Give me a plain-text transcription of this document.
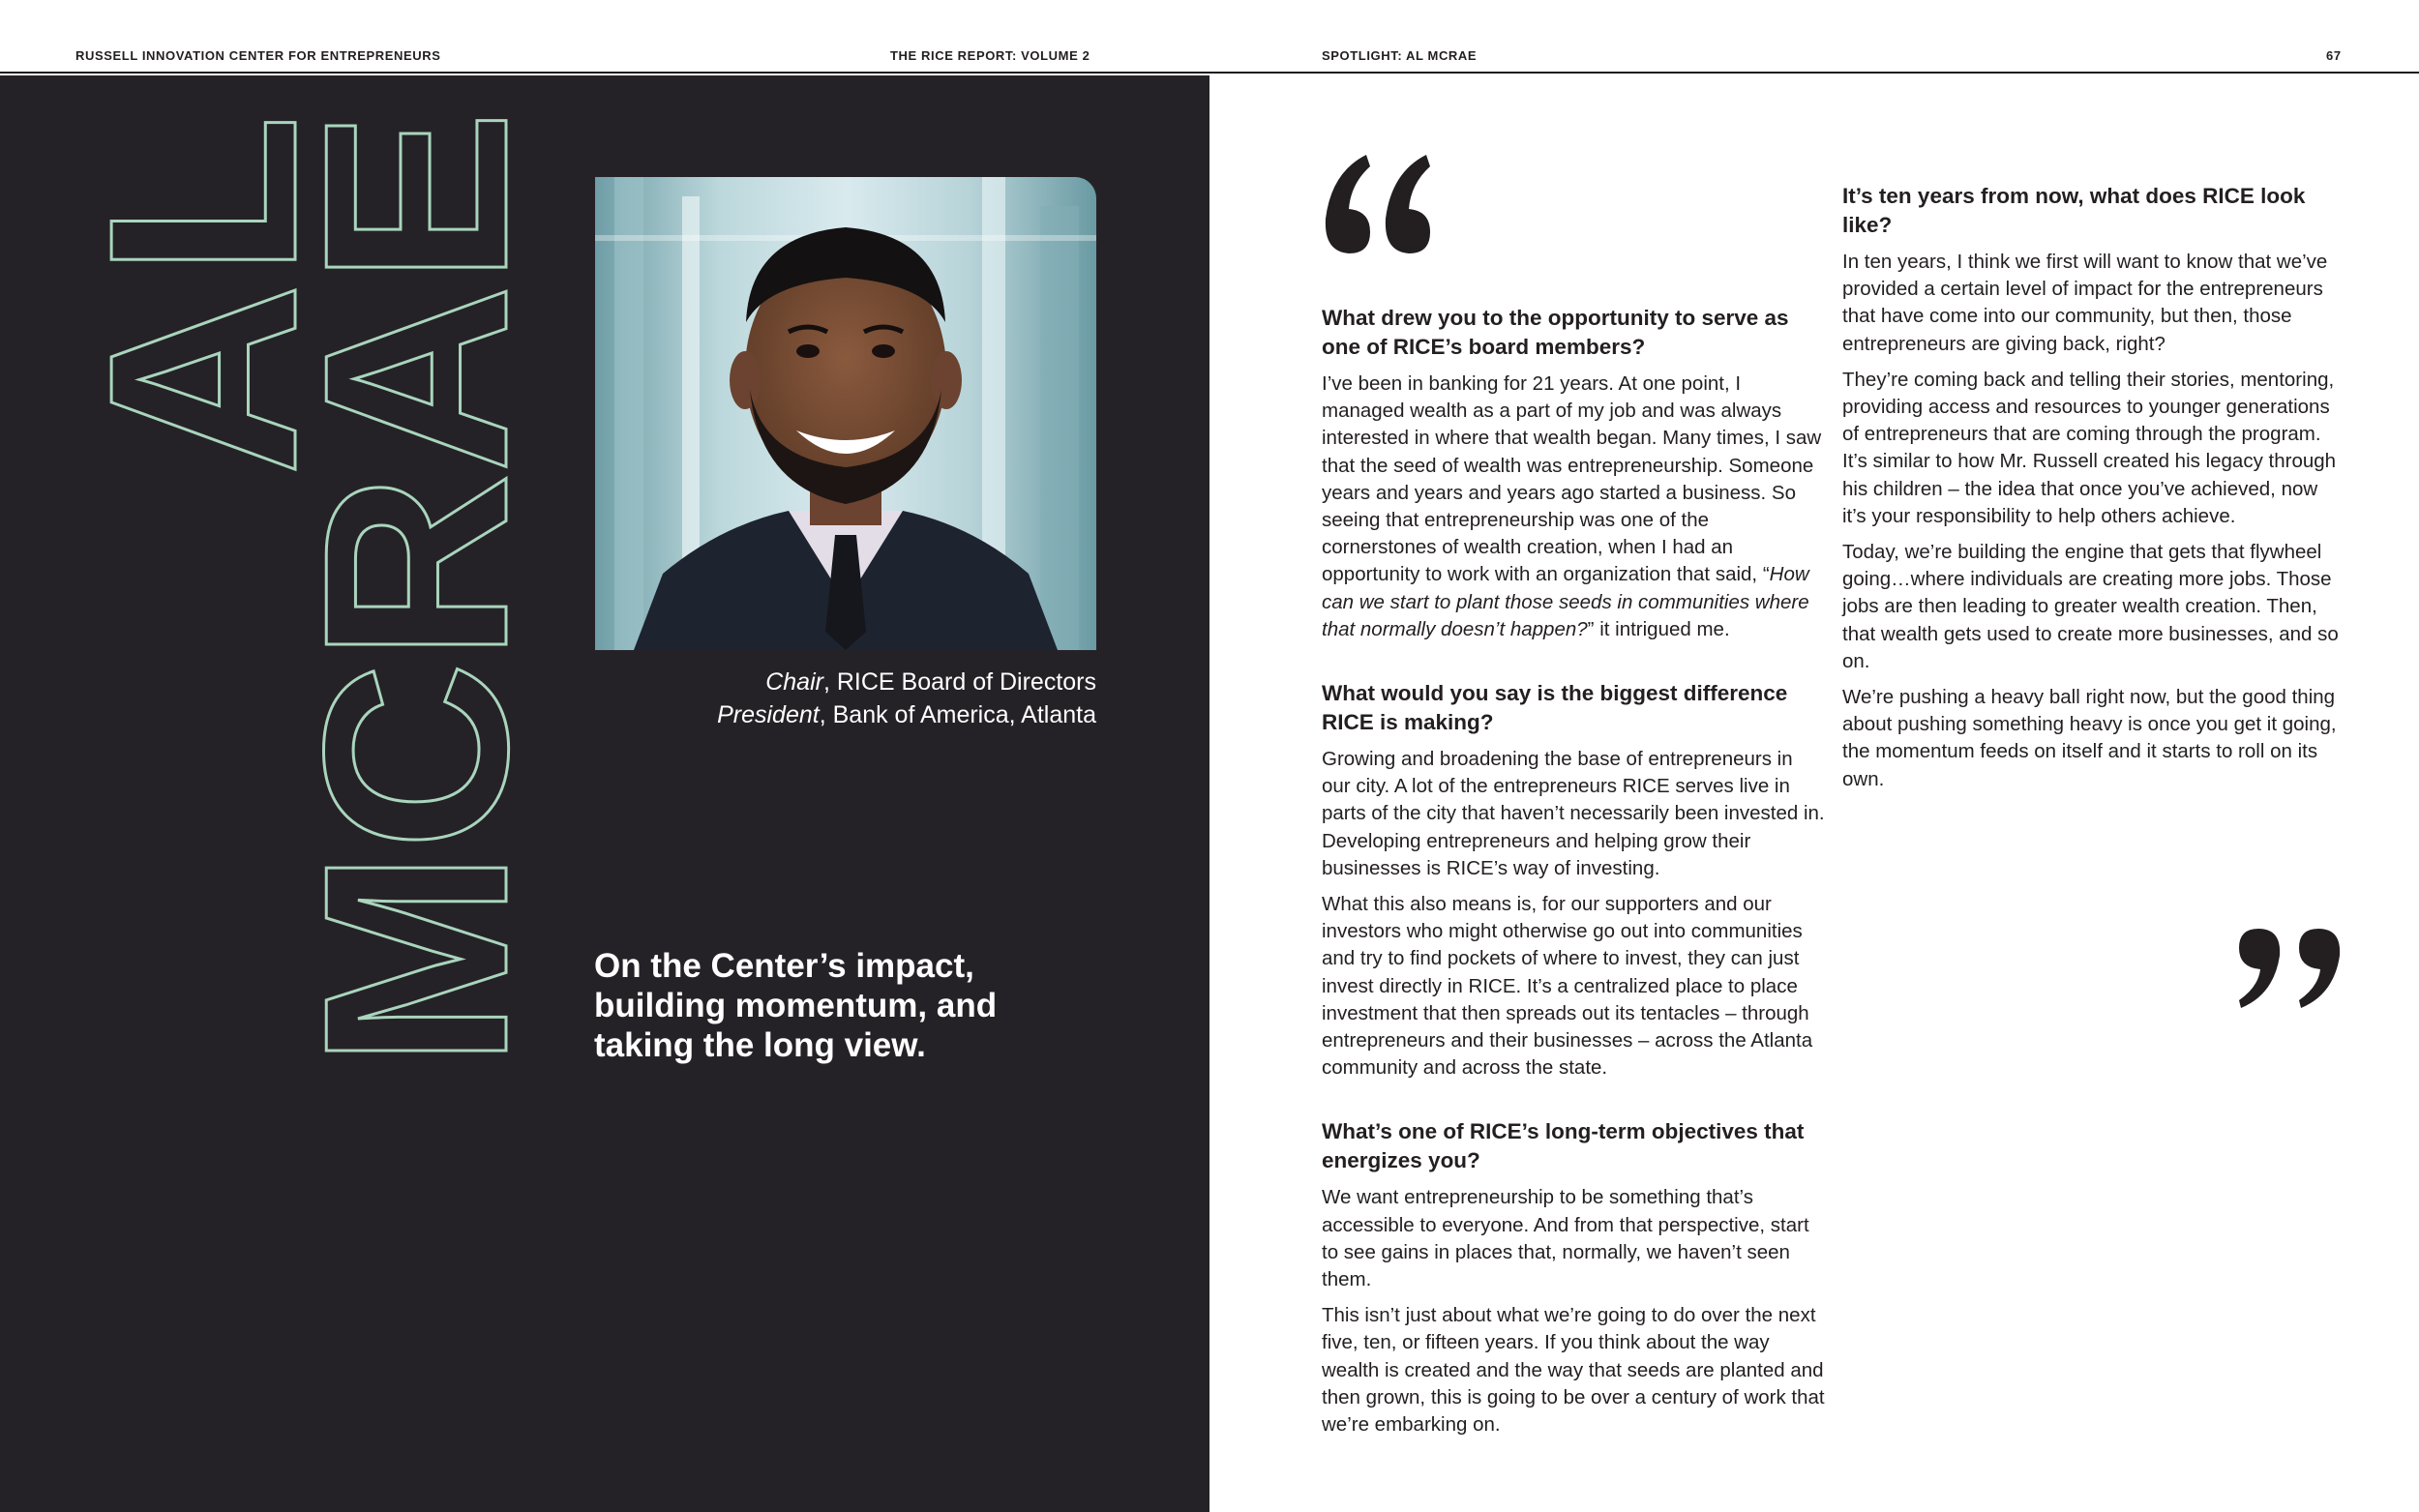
RUSSELL INNOVATION CENTER FOR ENTREPRENEURS	THE RICE REPORT: VOLUME 2	SPOTLIGHT: AL MCRAE	67
AL
MCRAE	Chair, RICE Board of Directors
President, Bank of America, Atlanta
On the Center’s impact,
building momentum, and
taking the long view.
What drew you to the opportunity to serve as one of RICE’s board members?
I’ve been in banking for 21 years. At one point, I managed wealth as a part of my job and was always interested in where that wealth began. Many times, I saw that the seed of wealth was entrepreneurship. Someone years and years and years ago started a business. So seeing that entrepreneurship was one of the cornerstones of wealth creation, when I had an opportunity to work with an organization that said, “How can we start to plant those seeds in communities where that normally doesn’t happen?” it intrigued me.
What would you say is the biggest difference RICE is making?
Growing and broadening the base of entrepreneurs in our city. A lot of the entrepreneurs RICE serves live in parts of the city that haven’t necessarily been invested in. Developing entrepreneurs and helping grow their businesses is RICE’s way of investing.
What this also means is, for our supporters and our investors who might otherwise go out into communities and try to find pockets of where to invest, they can just invest directly in RICE. It’s a centralized place to place investment that then spreads out its tentacles – through entrepreneurs and their businesses – across the Atlanta community and across the state.
What’s one of RICE’s long-term objectives that energizes you?
We want entrepreneurship to be something that’s accessible to everyone. And from that perspective, start to see gains in places that, normally, we haven’t seen them.
This isn’t just about what we’re going to do over the next five, ten, or fifteen years. If you think about the way wealth is created and the way that seeds are planted and then grown, this is going to be over a century of work that we’re embarking on.
It’s ten years from now, what does RICE look like?
In ten years, I think we first will want to know that we’ve provided a certain level of impact for the entrepreneurs that have come into our community, but then, those entrepreneurs are giving back, right?
They’re coming back and telling their stories, mentoring, providing access and resources to younger generations of entrepreneurs that are coming through the program. It’s similar to how Mr. Russell created his legacy through his children – the idea that once you’ve achieved, now it’s your responsibility to help others achieve.
Today, we’re building the engine that gets that flywheel going…where individuals are creating more jobs. Those jobs are then leading to greater wealth creation. Then, that wealth gets used to create more businesses, and so on.
We’re pushing a heavy ball right now, but the good thing about pushing something heavy is once you get it going, the momentum feeds on itself and it starts to roll on its own.
